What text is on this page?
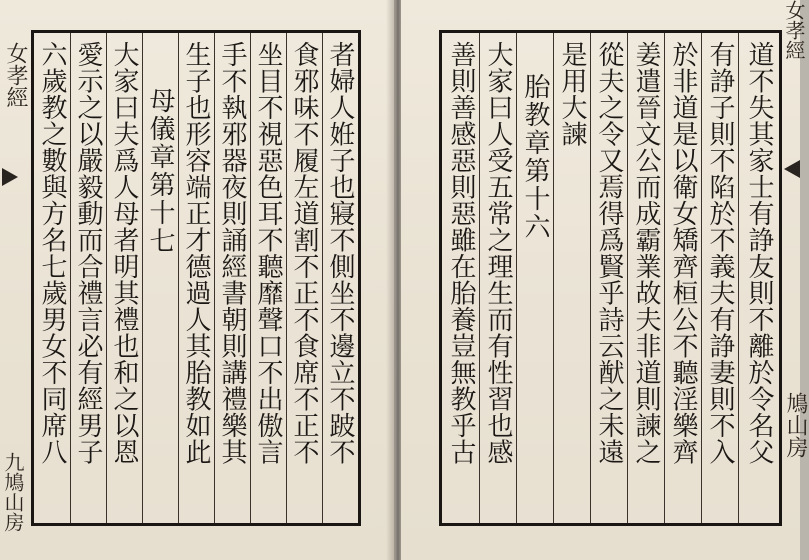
女孝經
九鳩山房
者婦人姙子也寢不側坐不邊立不跛不
食邪味不履左道割不正不食席不正不
坐目不視惡色耳不聽靡聲口不出傲言
手不執邪器夜則誦經書朝則講禮樂其
生子也形容端正才德過人其胎教如此
母儀章第十七
大家曰夫爲人母者明其禮也和之以恩
愛示之以嚴毅動而合禮言必有經男子
六歲教之數與方名七歲男女不同席八	道不失其家士有諍友則不離於令名父
有諍子則不陷於不義夫有諍妻則不入
於非道是以衛女矯齊桓公不聽淫樂齊
姜遣晉文公而成霸業故夫非道則諫之
從夫之令又焉得爲賢乎詩云猷之未遠
是用大諫
胎教章第十六
大家曰人受五常之理生而有性習也感
善則善感惡則惡雖在胎養豈無教乎古
女孝經
鳩山房
